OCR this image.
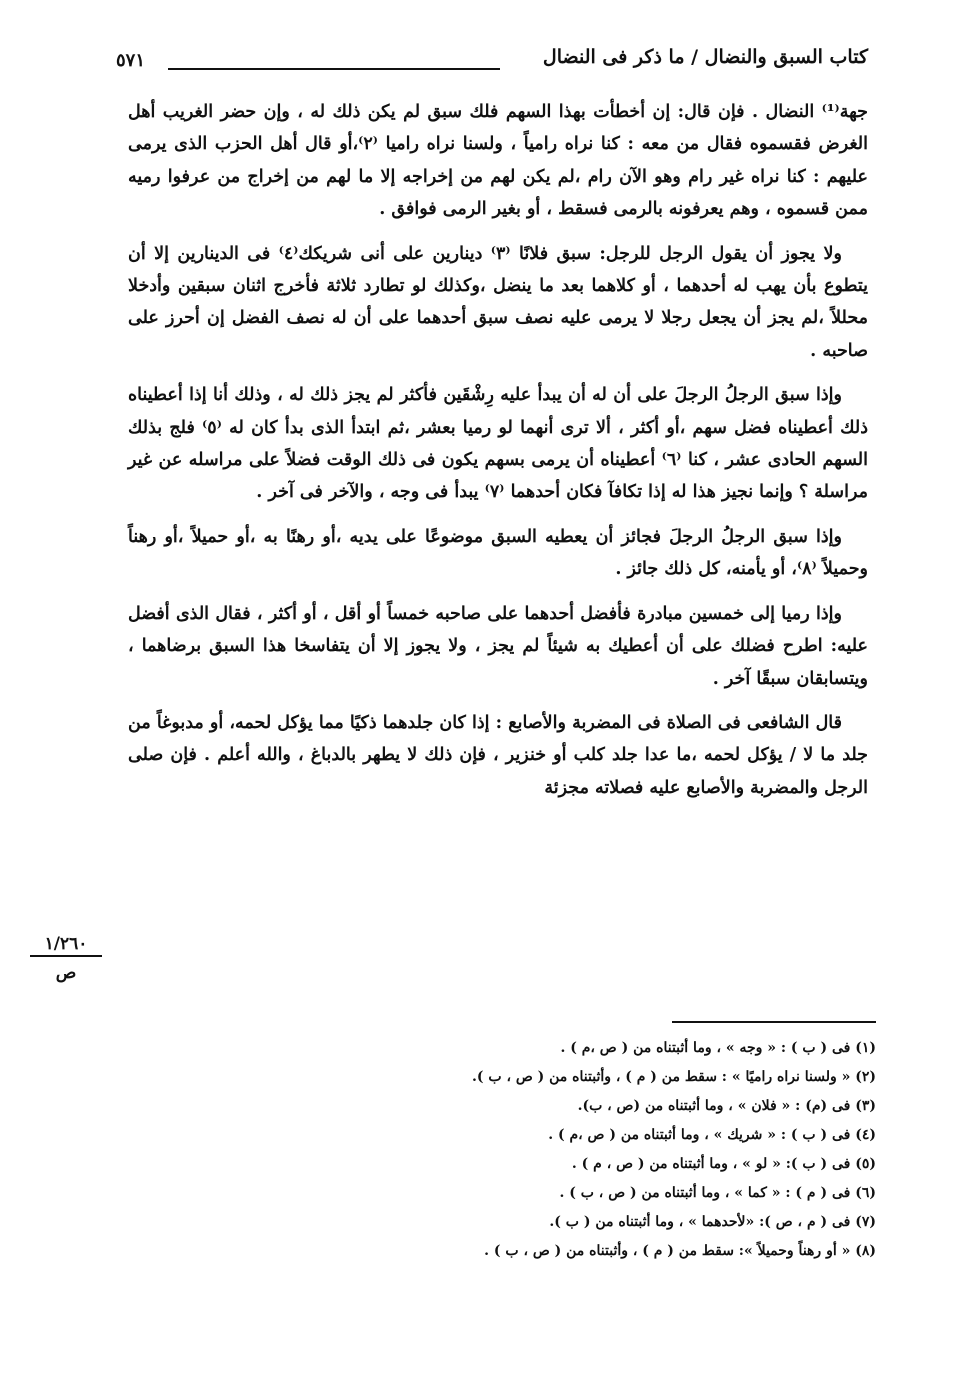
كتاب السبق والنضال / ما ذكر فى النضال
٥٧١

جهة⁽¹⁾ النضال . فإن قال: إن أخطأت بهذا السهم فلك سبق لم يكن ذلك له ، وإن حضر الغريب أهل الغرض فقسموه فقال من معه : كنا نراه رامياً ، ولسنا نراه راميا ⁽٢⁾،أو قال أهل الحزب الذى يرمى عليهم : كنا نراه غير رام وهو الآن رام ،لم يكن لهم من إخراجه إلا ما لهم من إخراج من عرفوا رميه ممن قسموه ، وهم يعرفونه بالرمى فسقط ، أو بغير الرمى فوافق .

ولا يجوز أن يقول الرجل للرجل: سبق فلانًا ⁽٣⁾ دينارين على أنى شريكك⁽٤⁾ فى الدينارين إلا أن يتطوع بأن يهب له أحدهما ، أو كلاهما بعد ما ينضل ،وكذلك لو تطارد ثلاثة فأخرج اثنان سبقين وأدخلا محللاً ،لم يجز أن يجعل رجلا لا يرمى عليه نصف سبق أحدهما على أن له نصف الفضل إن أحرز على صاحبه .

وإذا سبق الرجلُ الرجلَ على أن له أن يبدأ عليه رِشْقَين فأكثر لم يجز ذلك له ، وذلك أنا إذا أعطيناه ذلك أعطيناه فضل سهم ،أو أكثر ، ألا ترى أنهما لو رميا بعشر ،ثم ابتدأ الذى بدأ كان له ⁽٥⁾ فلج بذلك السهم الحادى عشر ، كنا ⁽٦⁾ أعطيناه أن يرمى بسهم يكون فى ذلك الوقت فضلاً على مراسله عن غير مراسلة ؟ وإنما نجيز هذا له إذا تكافآ فكان أحدهما ⁽٧⁾ يبدأ فى وجه ، والآخر فى آخر .

وإذا سبق الرجلُ الرجلَ فجائز أن يعطيه السبق موضوعًا على يديه ،أو رهنًا به ،أو حميلاً ،أو رهناً وحميلاً ⁽٨⁾، أو يأمنه، كل ذلك جائز .

وإذا رميا إلى خمسين مبادرة فأفضل أحدهما على صاحبه خمساً أو أقل ، أو أكثر ، فقال الذى أفضل عليه: اطرح فضلك على أن أعطيك به شيئاً لم يجز ، ولا يجوز إلا أن يتفاسخا هذا السبق برضاهما ، ويتسابقان سبقًا آخر .

قال الشافعى فى الصلاة فى المضربة والأصابع : إذا كان جلدهما ذكيًا مما يؤكل لحمه، أو مدبوغاً من جلد ما لا / يؤكل لحمه ،ما عدا جلد كلب أو خنزير ، فإن ذلك لا يطهر بالدباغ ، والله أعلم . فإن صلى الرجل والمضربة والأصابع عليه فصلاته مجزئة

١/٢٦٠
ص
(١) فى ( ب ) : « وجه » ، وما أثبتناه من ( ص ،م ) .
(٢) « ولسنا نراه راميًا » : سقط من ( م ) ، وأثبتناه من ( ص ، ب ).
(٣) فى (م) : « فلان » ، وما أثبتناه من (ص ، ب).
(٤) فى ( ب ) : « شريك » ، وما أثبتناه من ( ص ،م ) .
(٥) فى ( ب ): « لو » ، وما أثبتناه من ( ص ، م ) .
(٦) فى ( م ) : « كما » ، وما أثبتناه من ( ص ، ب ) .
(٧) فى ( م ، ص ): «لأحدهما » ، وما أثبتناه من ( ب ).
(٨) « أو رهناً وحميلاً »: سقط من ( م ) ، وأثبتناه من ( ص ، ب ) .
